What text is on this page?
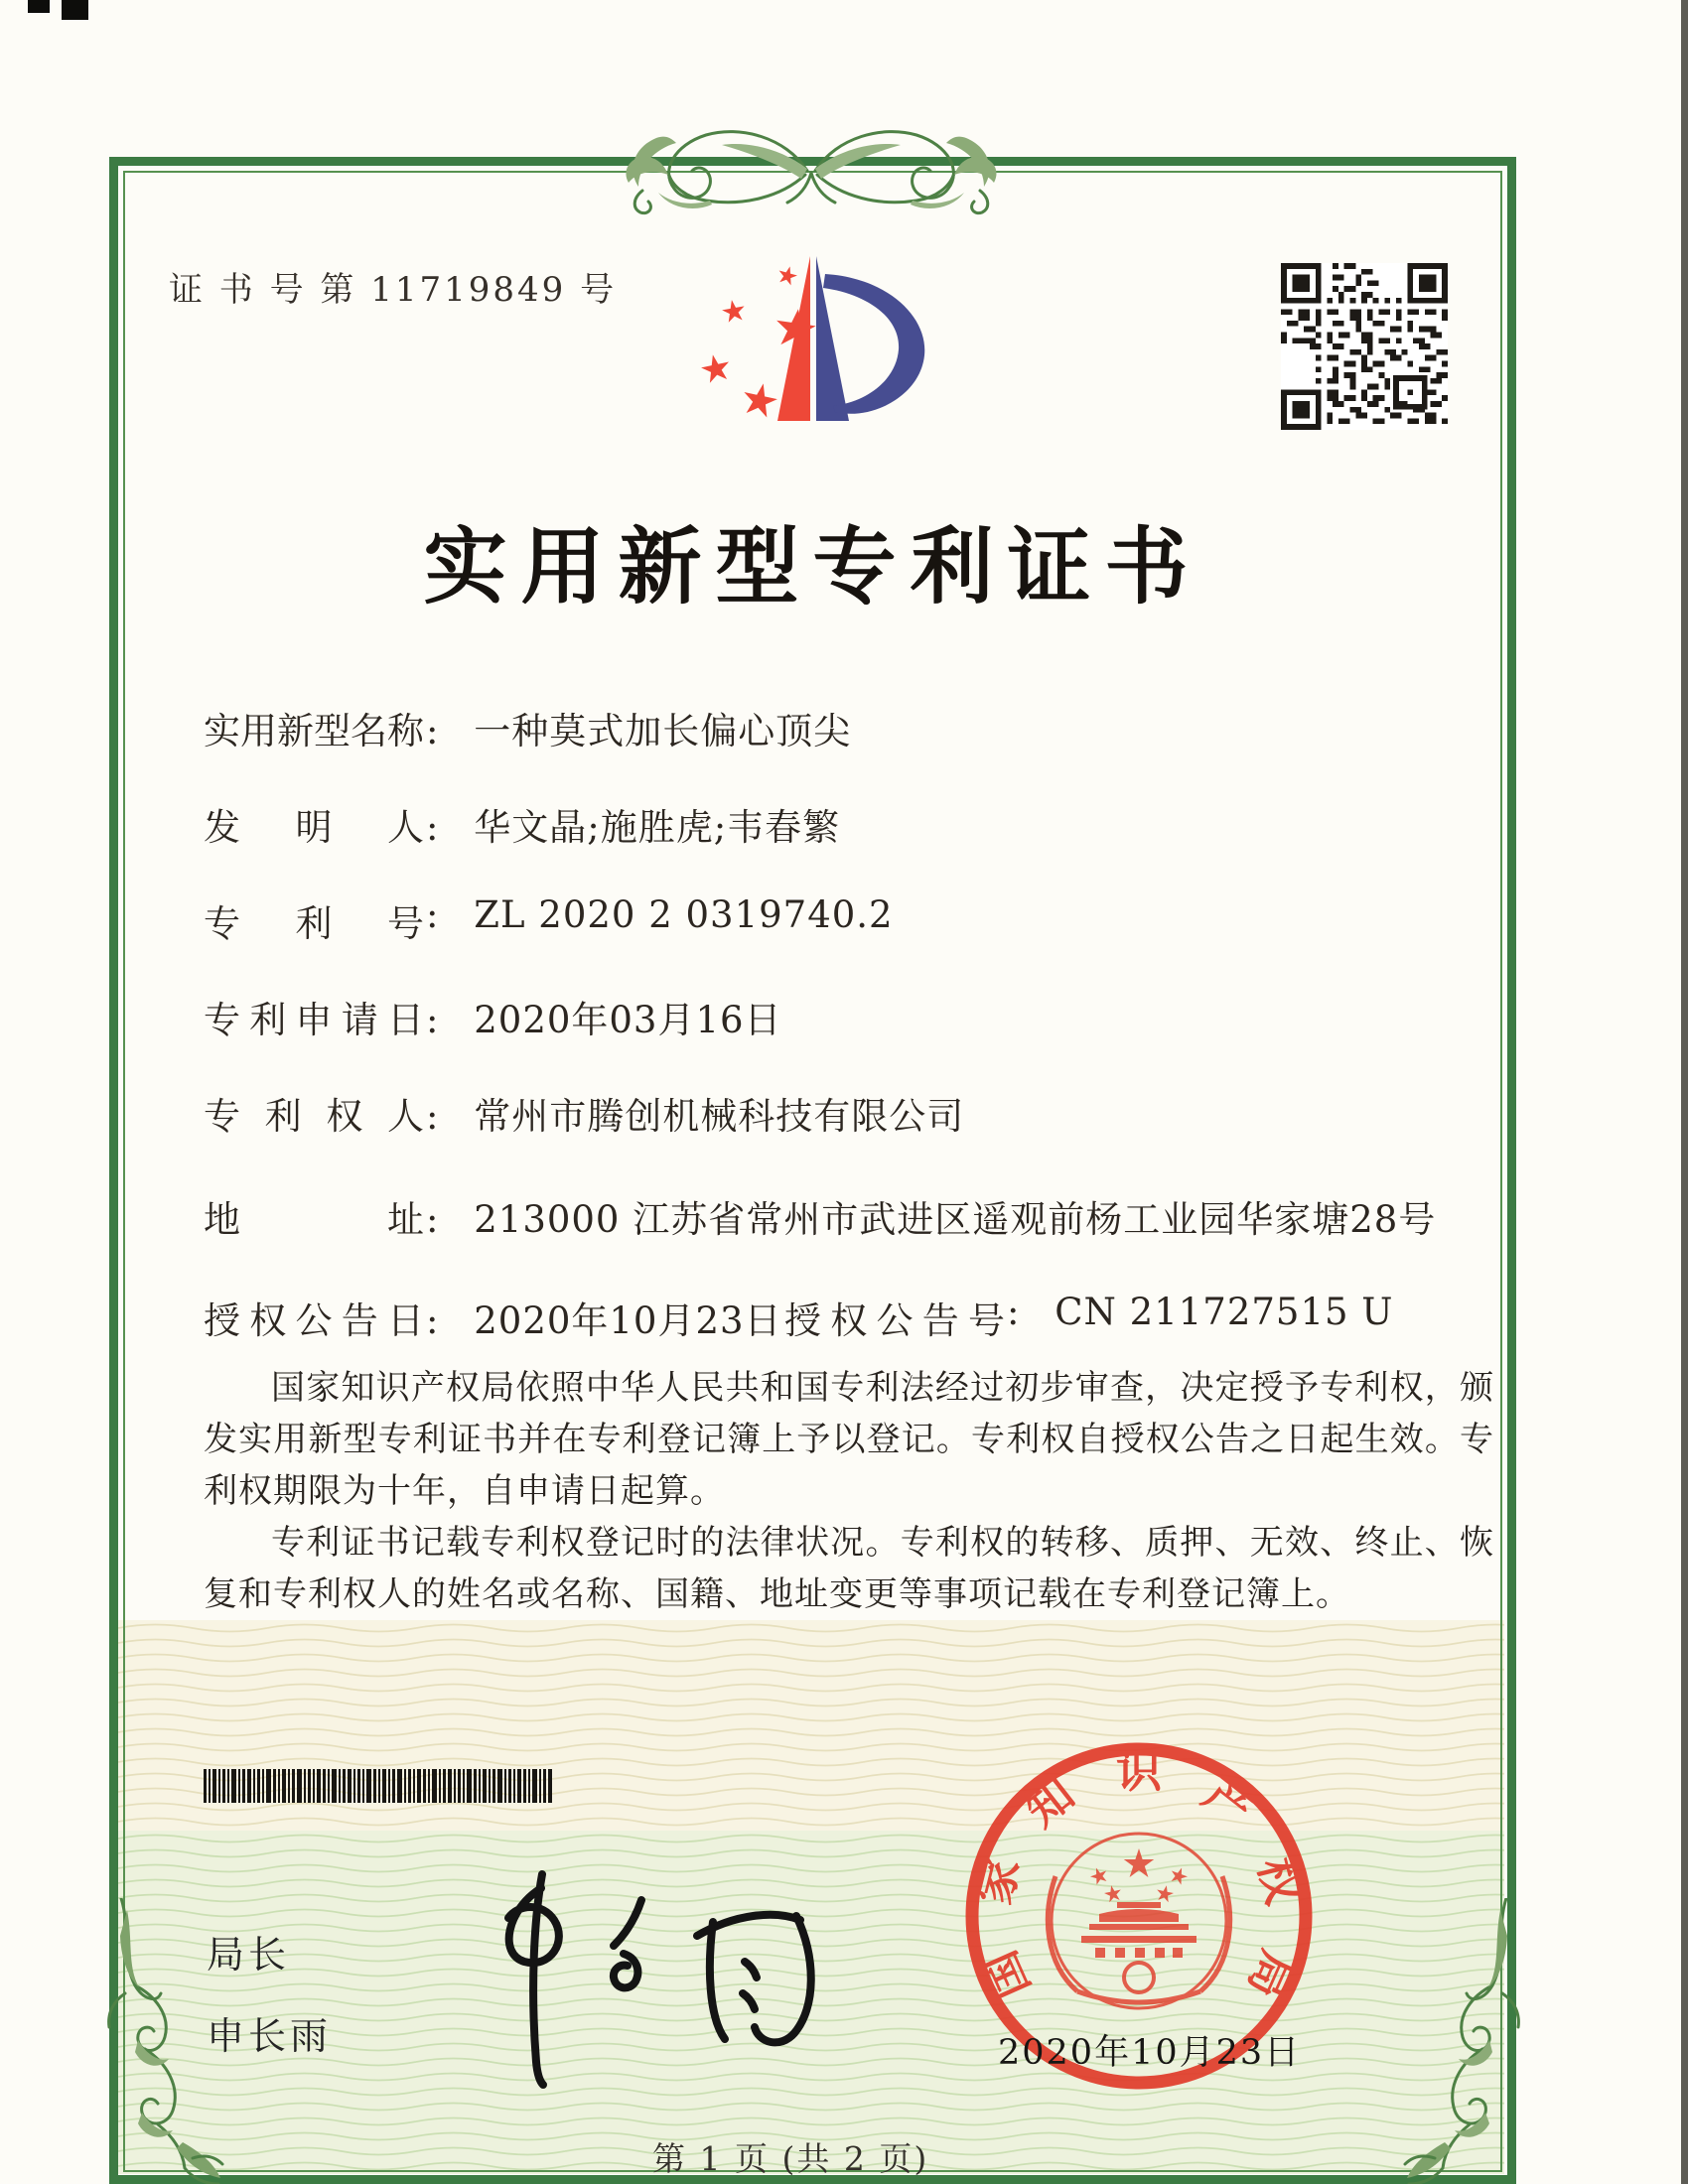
证 书 号 第 11719849 号
实用新型专利证书
实用新型名称: 一种莫式加长偏心顶尖
发明人: 华文晶;施胜虎;韦春繁
专利号: ZL 2020 2 0319740.2
专利申请日: 2020年03月16日
专利权人: 常州市腾创机械科技有限公司
地址: 213000 江苏省常州市武进区遥观前杨工业园华家塘28号
授权公告日: 2020年10月23日 授权公告号: CN 211727515 U

国家知识产权局依照中华人民共和国专利法经过初步审查，决定授予专利权，颁发实用新型专利证书并在专利登记簿上予以登记。专利权自授权公告之日起生效。专利权期限为十年，自申请日起算。

专利证书记载专利权登记时的法律状况。专利权的转移、质押、无效、终止、恢复和专利权人的姓名或名称、国籍、地址变更等事项记载在专利登记簿上。

局长
申长雨
国
家
知 识 产
权
局
2020年10月23日
第 1 页 (共 2 页)
